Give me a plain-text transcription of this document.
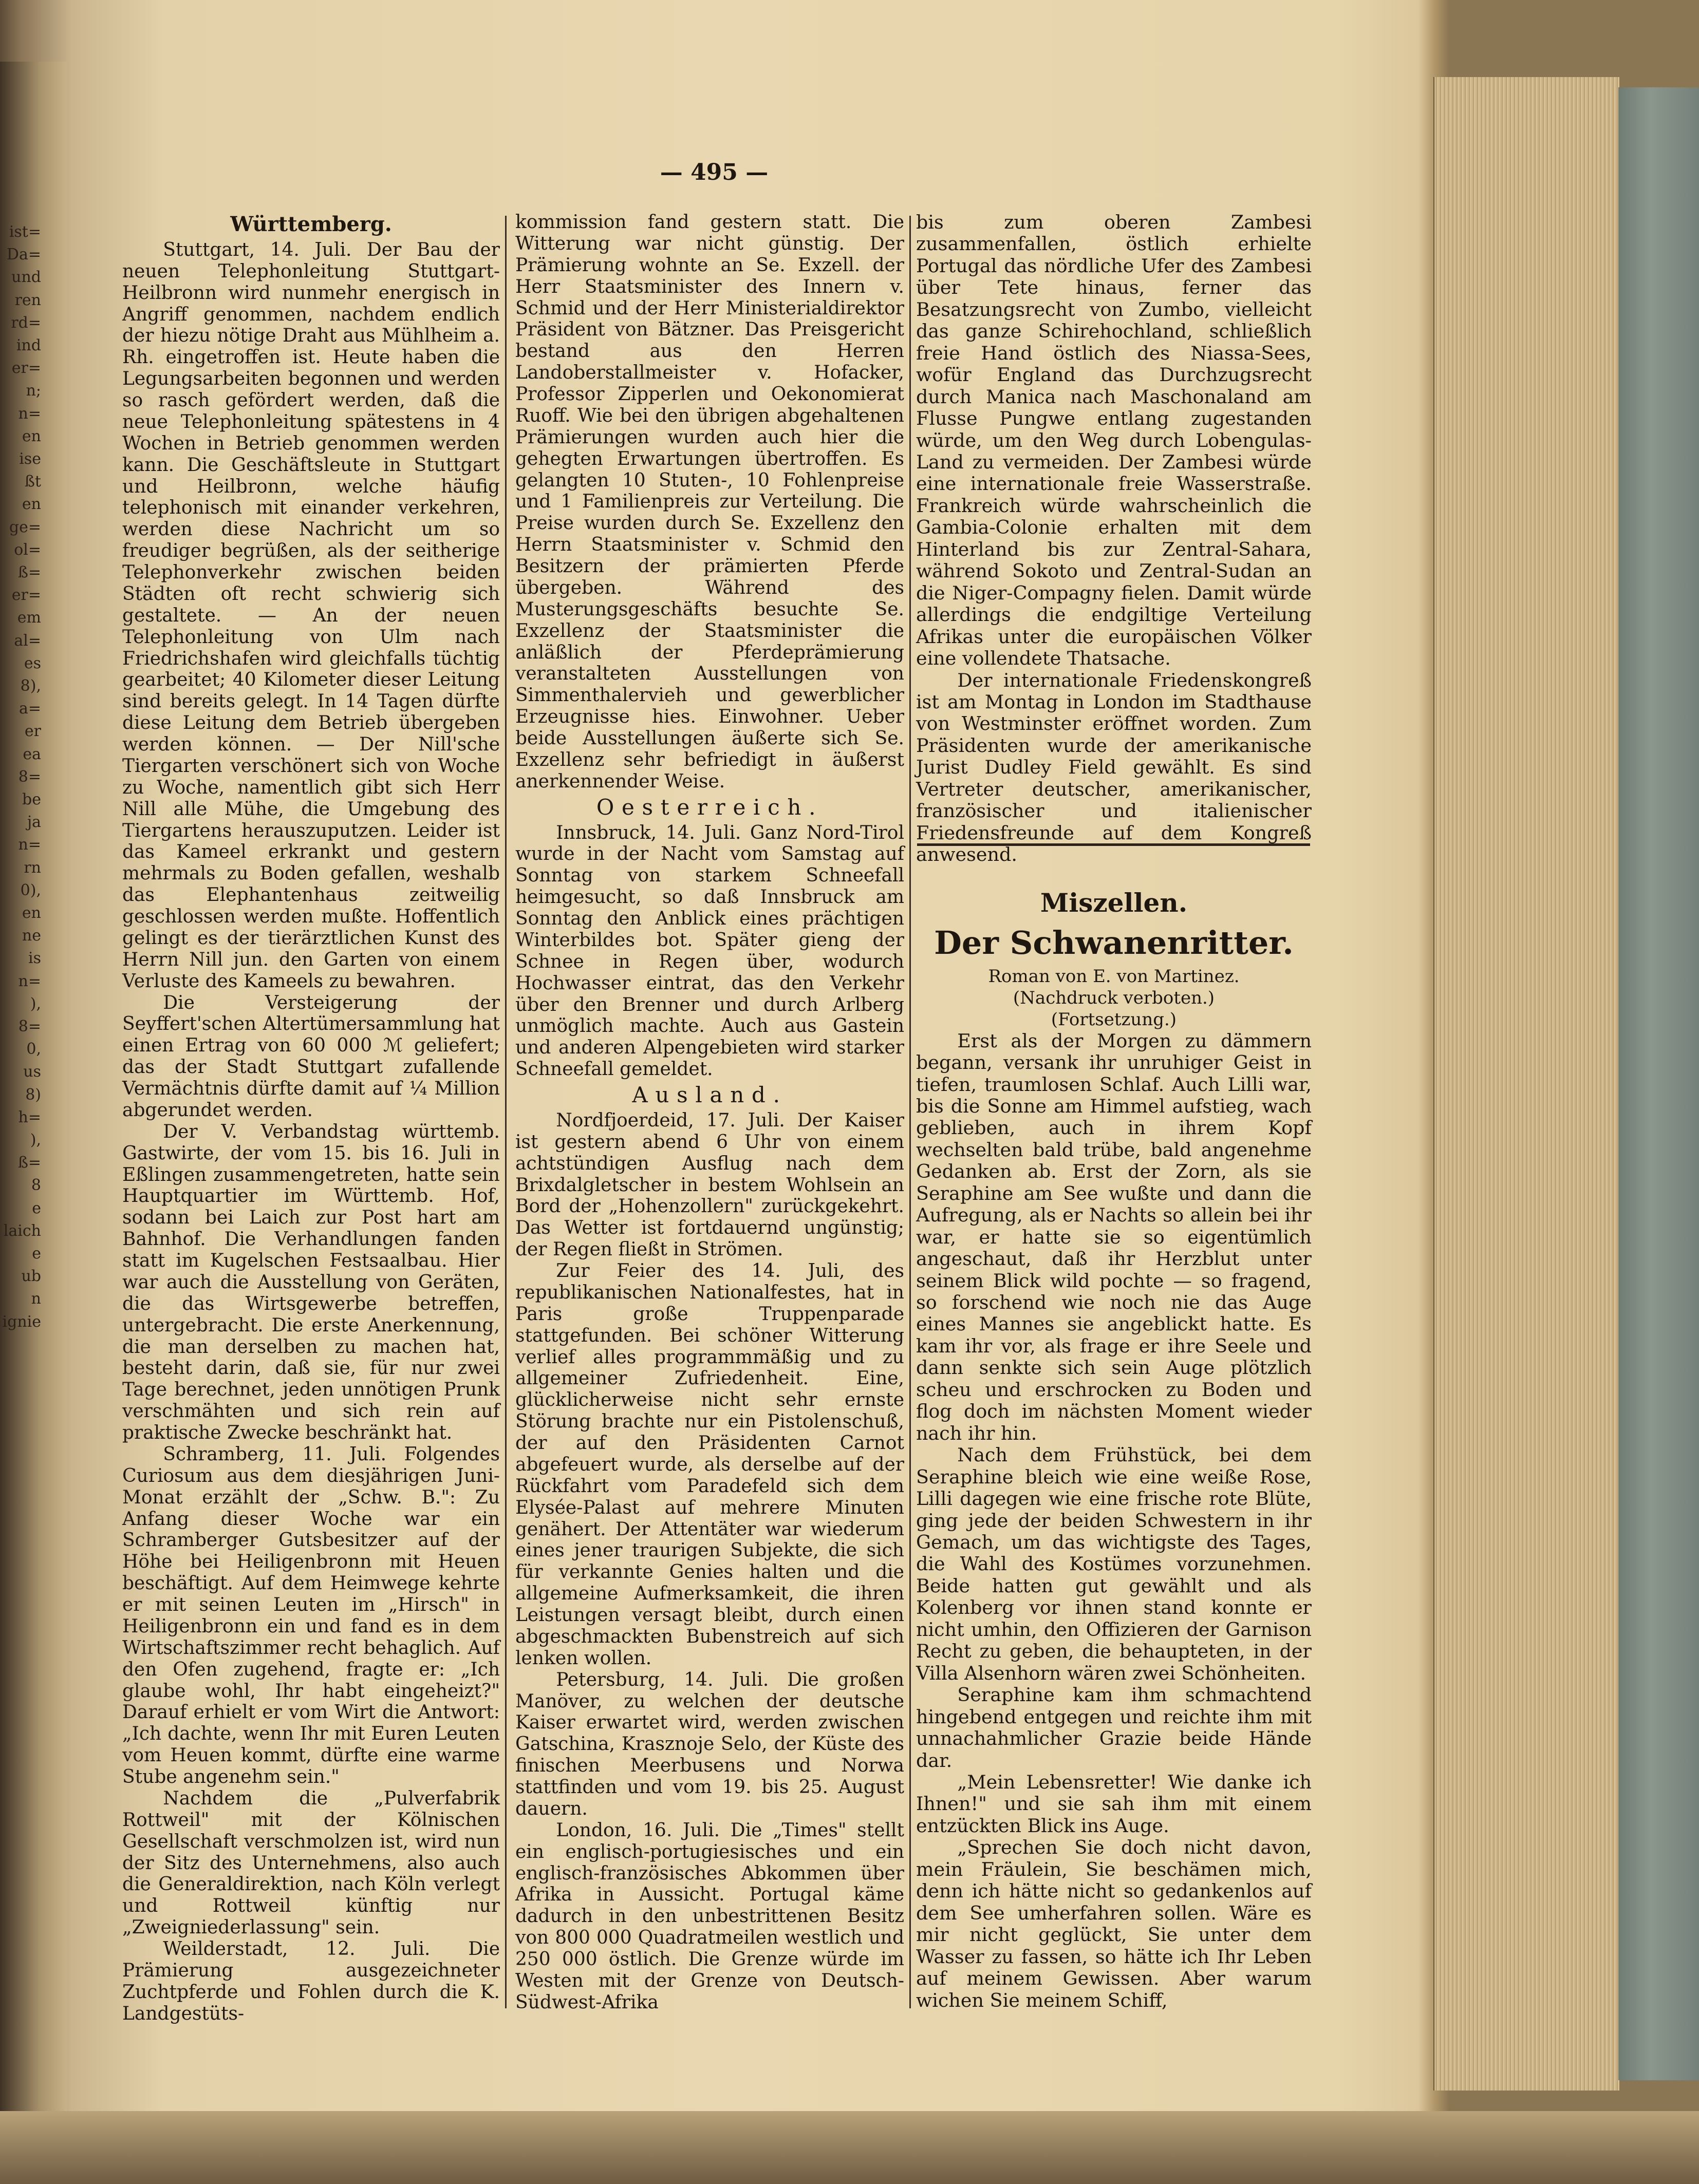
ist=
Da=
und
ren
rd=
ind
er=
n;
n=
en
ise
ßt
en
ge=
ol=
ß=
er=
em
al=
es
8),
a=
er
ea
8=
be
ja
n=
rn
0),
en
ne
is
n=
),
8=
0,
us
8)
h=
),
ß=
8
e
laich
e
ub
n
ignie
— 495 —
Württemberg.

Stuttgart, 14. Juli. Der Bau der neuen Telephonleitung Stuttgart-Heilbronn wird nunmehr energisch in Angriff genommen, nachdem endlich der hiezu nötige Draht aus Mühlheim a. Rh. eingetroffen ist. Heute haben die Legungsarbeiten begonnen und werden so rasch gefördert werden, daß die neue Telephonleitung spätestens in 4 Wochen in Betrieb genommen werden kann. Die Geschäftsleute in Stuttgart und Heilbronn, welche häufig telephonisch mit einander verkehren, werden diese Nachricht um so freudiger begrüßen, als der seitherige Telephonverkehr zwischen beiden Städten oft recht schwierig sich gestaltete. — An der neuen Telephonleitung von Ulm nach Friedrichshafen wird gleichfalls tüchtig gearbeitet; 40 Kilometer dieser Leitung sind bereits gelegt. In 14 Tagen dürfte diese Leitung dem Betrieb übergeben werden können. — Der Nill'sche Tiergarten verschönert sich von Woche zu Woche, namentlich gibt sich Herr Nill alle Mühe, die Umgebung des Tiergartens herauszuputzen. Leider ist das Kameel erkrankt und gestern mehrmals zu Boden gefallen, weshalb das Elephantenhaus zeitweilig geschlossen werden mußte. Hoffentlich gelingt es der tierärztlichen Kunst des Herrn Nill jun. den Garten von einem Verluste des Kameels zu bewahren.

Die Versteigerung der Seyffert'schen Altertümersammlung hat einen Ertrag von 60 000 ℳ geliefert; das der Stadt Stuttgart zufallende Vermächtnis dürfte damit auf ¼ Million abgerundet werden.

Der V. Verbandstag württemb. Gastwirte, der vom 15. bis 16. Juli in Eßlingen zusammengetreten, hatte sein Hauptquartier im Württemb. Hof, sodann bei Laich zur Post hart am Bahnhof. Die Verhandlungen fanden statt im Kugelschen Festsaalbau. Hier war auch die Ausstellung von Geräten, die das Wirtsgewerbe betreffen, untergebracht. Die erste Anerkennung, die man derselben zu machen hat, besteht darin, daß sie, für nur zwei Tage berechnet, jeden unnötigen Prunk verschmähten und sich rein auf praktische Zwecke beschränkt hat.

Schramberg, 11. Juli. Folgendes Curiosum aus dem diesjährigen Juni-Monat erzählt der „Schw. B.": Zu Anfang dieser Woche war ein Schramberger Gutsbesitzer auf der Höhe bei Heiligenbronn mit Heuen beschäftigt. Auf dem Heimwege kehrte er mit seinen Leuten im „Hirsch" in Heiligenbronn ein und fand es in dem Wirtschaftszimmer recht behaglich. Auf den Ofen zugehend, fragte er: „Ich glaube wohl, Ihr habt eingeheizt?" Darauf erhielt er vom Wirt die Antwort: „Ich dachte, wenn Ihr mit Euren Leuten vom Heuen kommt, dürfte eine warme Stube angenehm sein."

Nachdem die „Pulverfabrik Rottweil" mit der Kölnischen Gesellschaft verschmolzen ist, wird nun der Sitz des Unternehmens, also auch die Generaldirektion, nach Köln verlegt und Rottweil künftig nur „Zweigniederlassung" sein.

Weilderstadt, 12. Juli. Die Prämierung ausgezeichneter Zuchtpferde und Fohlen durch die K. Landgestüts-

kommission fand gestern statt. Die Witterung war nicht günstig. Der Prämierung wohnte an Se. Exzell. der Herr Staatsminister des Innern v. Schmid und der Herr Ministerialdirektor Präsident von Bätzner. Das Preisgericht bestand aus den Herren Landoberstallmeister v. Hofacker, Professor Zipperlen und Oekonomierat Ruoff. Wie bei den übrigen abgehaltenen Prämierungen wurden auch hier die gehegten Erwartungen übertroffen. Es gelangten 10 Stuten-, 10 Fohlenpreise und 1 Familienpreis zur Verteilung. Die Preise wurden durch Se. Exzellenz den Herrn Staatsminister v. Schmid den Besitzern der prämierten Pferde übergeben. Während des Musterungsgeschäfts besuchte Se. Exzellenz der Staatsminister die anläßlich der Pferdeprämierung veranstalteten Ausstellungen von Simmenthalervieh und gewerblicher Erzeugnisse hies. Einwohner. Ueber beide Ausstellungen äußerte sich Se. Exzellenz sehr befriedigt in äußerst anerkennender Weise.

Oesterreich.

Innsbruck, 14. Juli. Ganz Nord-Tirol wurde in der Nacht vom Samstag auf Sonntag von starkem Schneefall heimgesucht, so daß Innsbruck am Sonntag den Anblick eines prächtigen Winterbildes bot. Später gieng der Schnee in Regen über, wodurch Hochwasser eintrat, das den Verkehr über den Brenner und durch Arlberg unmöglich machte. Auch aus Gastein und anderen Alpengebieten wird starker Schneefall gemeldet.

Ausland.

Nordfjoerdeid, 17. Juli. Der Kaiser ist gestern abend 6 Uhr von einem achtstündigen Ausflug nach dem Brixdalgletscher in bestem Wohlsein an Bord der „Hohenzollern" zurückgekehrt. Das Wetter ist fortdauernd ungünstig; der Regen fließt in Strömen.

Zur Feier des 14. Juli, des republikanischen Nationalfestes, hat in Paris große Truppenparade stattgefunden. Bei schöner Witterung verlief alles programmmäßig und zu allgemeiner Zufriedenheit. Eine, glücklicherweise nicht sehr ernste Störung brachte nur ein Pistolenschuß, der auf den Präsidenten Carnot abgefeuert wurde, als derselbe auf der Rückfahrt vom Paradefeld sich dem Elysée-Palast auf mehrere Minuten genähert. Der Attentäter war wiederum eines jener traurigen Subjekte, die sich für verkannte Genies halten und die allgemeine Aufmerksamkeit, die ihren Leistungen versagt bleibt, durch einen abgeschmackten Bubenstreich auf sich lenken wollen.

Petersburg, 14. Juli. Die großen Manöver, zu welchen der deutsche Kaiser erwartet wird, werden zwischen Gatschina, Krasznoje Selo, der Küste des finischen Meerbusens und Norwa stattfinden und vom 19. bis 25. August dauern.

London, 16. Juli. Die „Times" stellt ein englisch-portugiesisches und ein englisch-französisches Abkommen über Afrika in Aussicht. Portugal käme dadurch in den unbestrittenen Besitz von 800 000 Quadratmeilen westlich und 250 000 östlich. Die Grenze würde im Westen mit der Grenze von Deutsch-Südwest-Afrika

bis zum oberen Zambesi zusammenfallen, östlich erhielte Portugal das nördliche Ufer des Zambesi über Tete hinaus, ferner das Besatzungsrecht von Zumbo, vielleicht das ganze Schirehochland, schließlich freie Hand östlich des Niassa-Sees, wofür England das Durchzugsrecht durch Manica nach Maschonaland am Flusse Pungwe entlang zugestanden würde, um den Weg durch Lobengulas-Land zu vermeiden. Der Zambesi würde eine internationale freie Wasserstraße. Frankreich würde wahrscheinlich die Gambia-Colonie erhalten mit dem Hinterland bis zur Zentral-Sahara, während Sokoto und Zentral-Sudan an die Niger-Compagny fielen. Damit würde allerdings die endgiltige Verteilung Afrikas unter die europäischen Völker eine vollendete Thatsache.

Der internationale Friedenskongreß ist am Montag in London im Stadthause von Westminster eröffnet worden. Zum Präsidenten wurde der amerikanische Jurist Dudley Field gewählt. Es sind Vertreter deutscher, amerikanischer, französischer und italienischer Friedensfreunde auf dem Kongreß anwesend.

Miszellen.
Der Schwanenritter.
Roman von E. von Martinez.
(Nachdruck verboten.)
(Fortsetzung.)

Erst als der Morgen zu dämmern begann, versank ihr unruhiger Geist in tiefen, traumlosen Schlaf. Auch Lilli war, bis die Sonne am Himmel aufstieg, wach geblieben, auch in ihrem Kopf wechselten bald trübe, bald angenehme Gedanken ab. Erst der Zorn, als sie Seraphine am See wußte und dann die Aufregung, als er Nachts so allein bei ihr war, er hatte sie so eigentümlich angeschaut, daß ihr Herzblut unter seinem Blick wild pochte — so fragend, so forschend wie noch nie das Auge eines Mannes sie angeblickt hatte. Es kam ihr vor, als frage er ihre Seele und dann senkte sich sein Auge plötzlich scheu und erschrocken zu Boden und flog doch im nächsten Moment wieder nach ihr hin.

Nach dem Frühstück, bei dem Seraphine bleich wie eine weiße Rose, Lilli dagegen wie eine frische rote Blüte, ging jede der beiden Schwestern in ihr Gemach, um das wichtigste des Tages, die Wahl des Kostümes vorzunehmen. Beide hatten gut gewählt und als Kolenberg vor ihnen stand konnte er nicht umhin, den Offizieren der Garnison Recht zu geben, die behaupteten, in der Villa Alsenhorn wären zwei Schönheiten.

Seraphine kam ihm schmachtend hingebend entgegen und reichte ihm mit unnachahmlicher Grazie beide Hände dar.

„Mein Lebensretter! Wie danke ich Ihnen!" und sie sah ihm mit einem entzückten Blick ins Auge.

„Sprechen Sie doch nicht davon, mein Fräulein, Sie beschämen mich, denn ich hätte nicht so gedankenlos auf dem See umherfahren sollen. Wäre es mir nicht geglückt, Sie unter dem Wasser zu fassen, so hätte ich Ihr Leben auf meinem Gewissen. Aber warum wichen Sie meinem Schiff,
